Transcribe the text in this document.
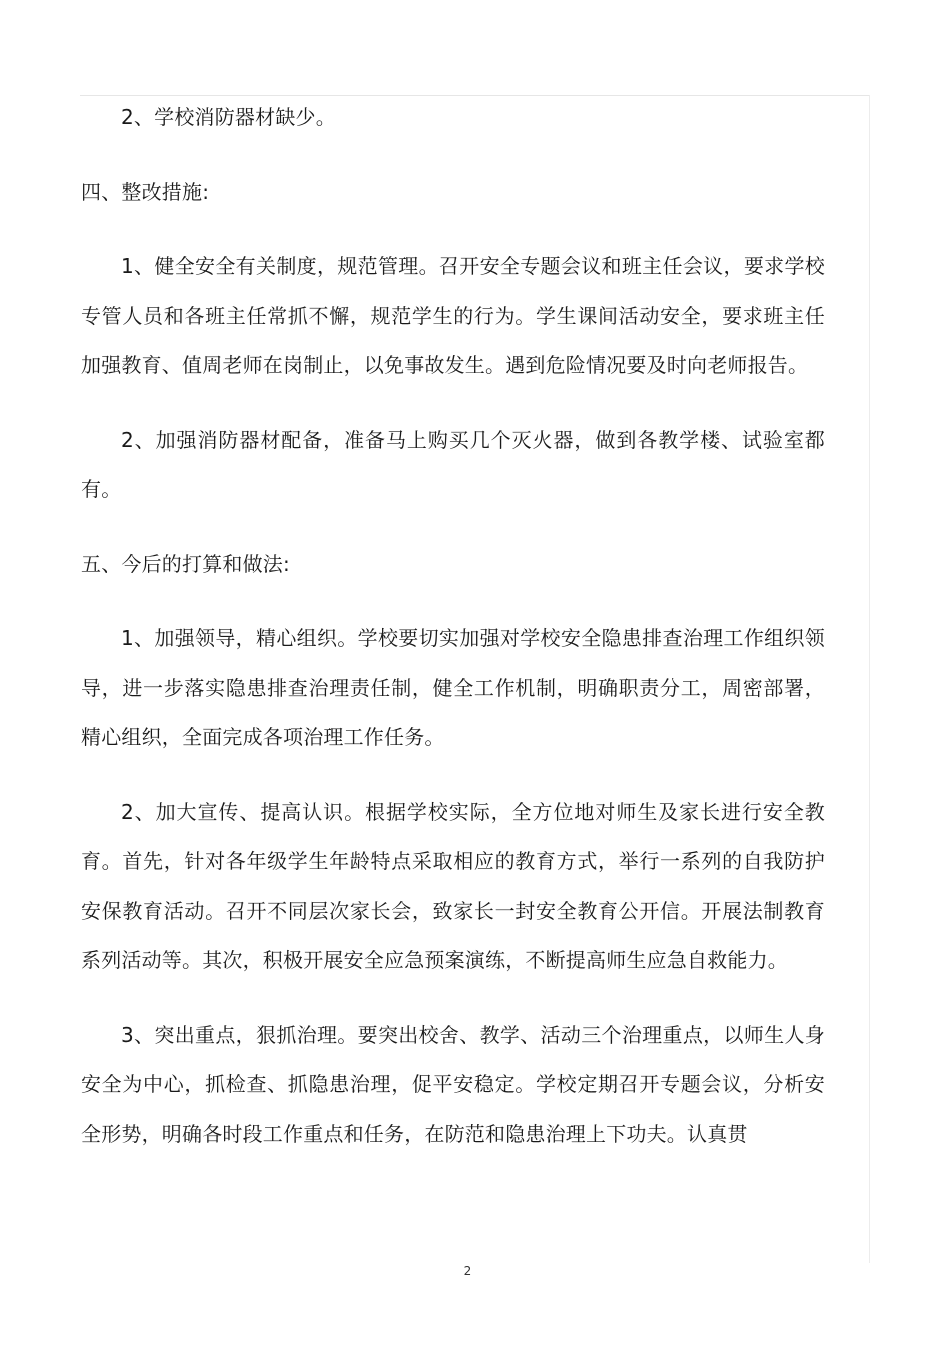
2、学校消防器材缺少。

四、整改措施:

1、健全安全有关制度，规范管理。召开安全专题会议和班主任会议，要求学校专管人员和各班主任常抓不懈，规范学生的行为。学生课间活动安全，要求班主任加强教育、值周老师在岗制止，以免事故发生。遇到危险情况要及时向老师报告。

2、加强消防器材配备，准备马上购买几个灭火器，做到各教学楼、试验室都有。

五、今后的打算和做法:

1、加强领导，精心组织。学校要切实加强对学校安全隐患排查治理工作组织领导，进一步落实隐患排查治理责任制，健全工作机制，明确职责分工，周密部署，精心组织，全面完成各项治理工作任务。

2、加大宣传、提高认识。根据学校实际，全方位地对师生及家长进行安全教育。首先，针对各年级学生年龄特点采取相应的教育方式，举行一系列的自我防护安保教育活动。召开不同层次家长会，致家长一封安全教育公开信。开展法制教育系列活动等。其次，积极开展安全应急预案演练，不断提高师生应急自救能力。

3、突出重点，狠抓治理。要突出校舍、教学、活动三个治理重点，以师生人身安全为中心，抓检查、抓隐患治理，促平安稳定。学校定期召开专题会议，分析安全形势，明确各时段工作重点和任务，在防范和隐患治理上下功夫。认真贯

2
